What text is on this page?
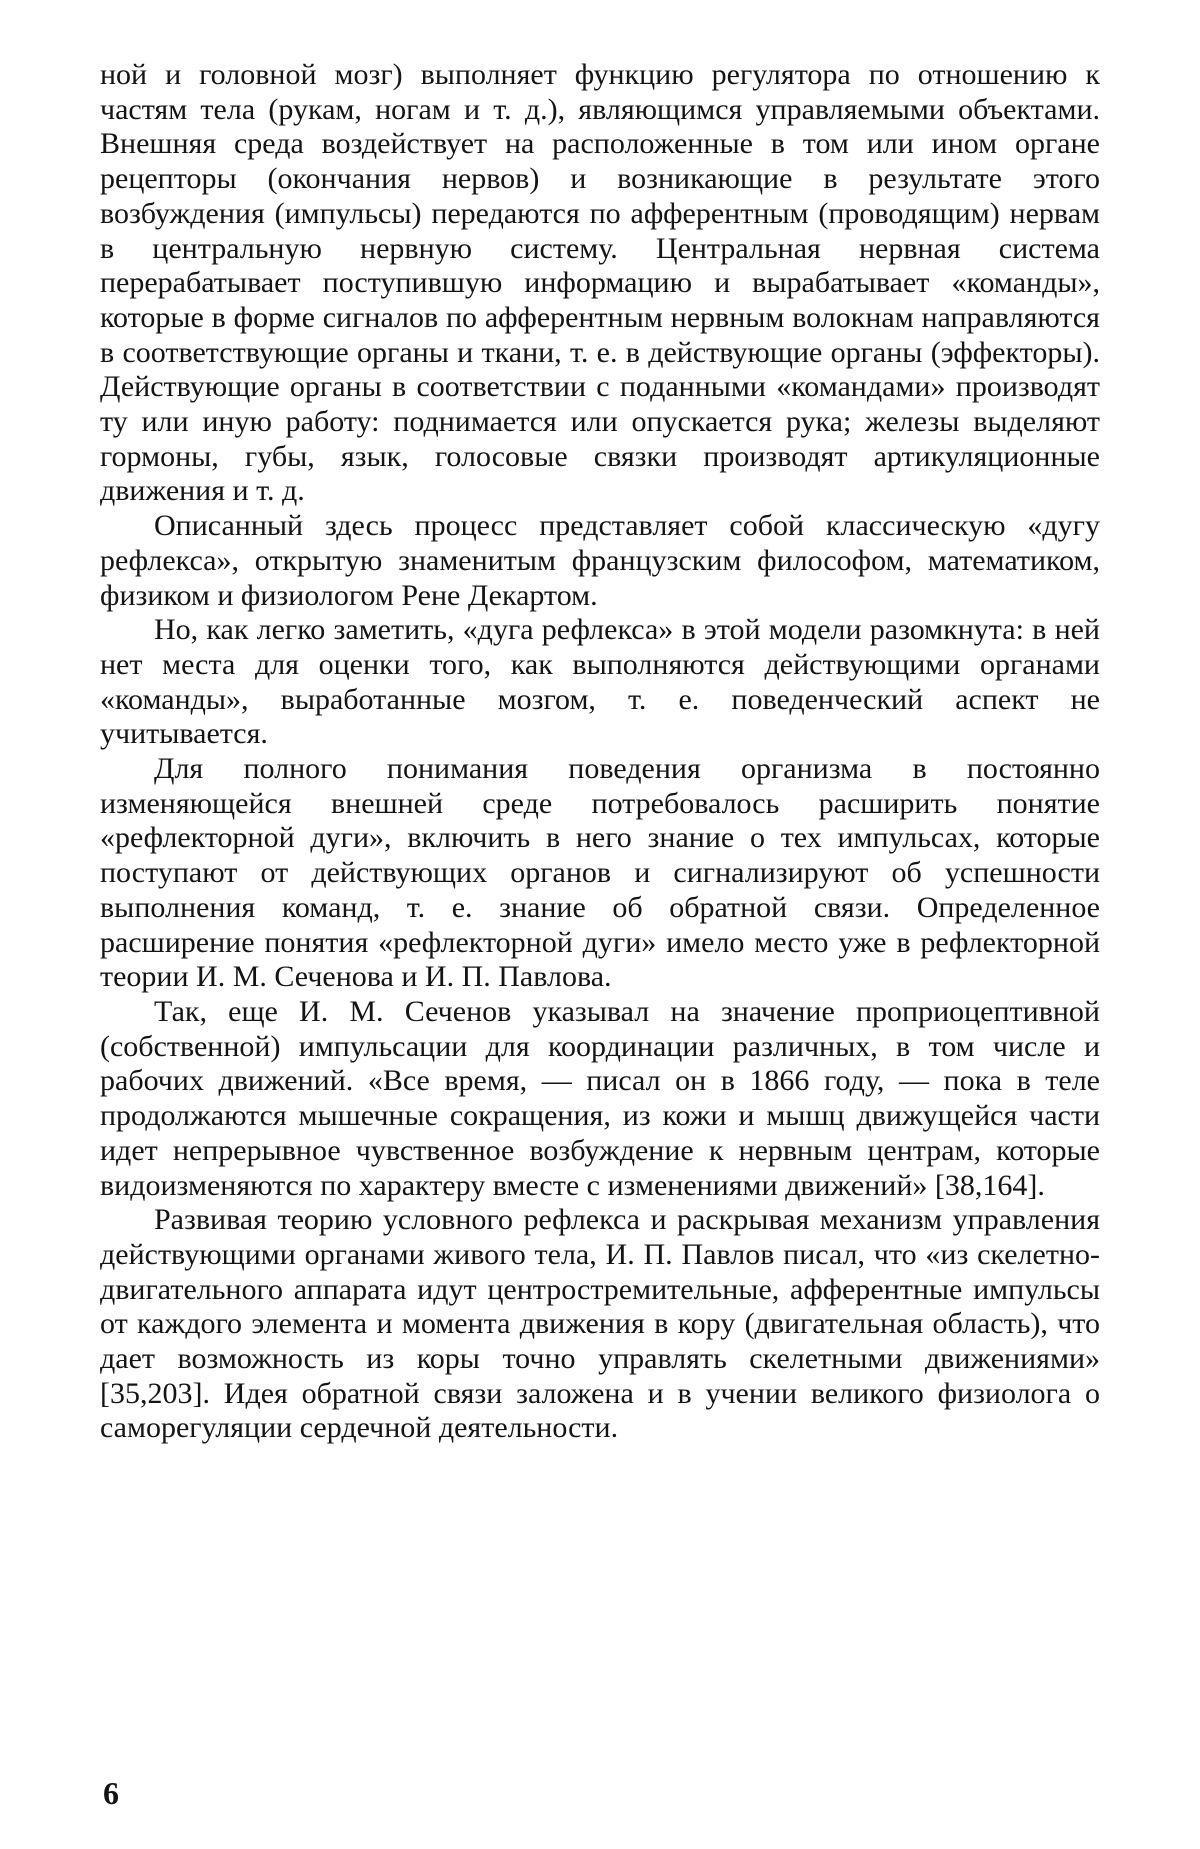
ной и головной мозг) выполняет функцию регулятора по отношению к частям тела (рукам, ногам и т. д.), являющимся управляемыми объектами. Внешняя среда воздействует на расположенные в том или ином органе рецепторы (окончания нервов) и возникающие в результате этого возбуждения (импульсы) передаются по афферентным (проводящим) нервам в центральную нервную систему. Центральная нервная система перерабатывает поступившую информацию и вырабатывает «команды», которые в форме сигналов по афферентным нервным волокнам направляются в соответствующие органы и ткани, т. е. в действующие органы (эффекторы). Действующие органы в соответствии с поданными «командами» производят ту или иную работу: поднимается или опускается рука; железы выделяют гормоны, губы, язык, голосовые связки производят артикуляционные движения и т. д.

Описанный здесь процесс представляет собой классическую «дугу рефлекса», открытую знаменитым французским философом, математиком, физиком и физиологом Рене Декартом.

Но, как легко заметить, «дуга рефлекса» в этой модели разомкнута: в ней нет места для оценки того, как выполняются действующими органами «команды», выработанные мозгом, т. е. поведенческий аспект не учитывается.

Для полного понимания поведения организма в постоянно изменяющейся внешней среде потребовалось расширить понятие «рефлекторной дуги», включить в него знание о тех импульсах, которые поступают от действующих органов и сигнализируют об успешности выполнения команд, т. е. знание об обратной связи. Определенное расширение понятия «рефлекторной дуги» имело место уже в рефлекторной теории И. М. Сеченова и И. П. Павлова.

Так, еще И. М. Сеченов указывал на значение проприоцептивной (собственной) импульсации для координации различных, в том числе и рабочих движений. «Все время, — писал он в 1866 году, — пока в теле продолжаются мышечные сокращения, из кожи и мышц движущейся части идет непрерывное чувственное возбуждение к нервным центрам, которые видоизменяются по характеру вместе с изменениями движений» [38,164].

Развивая теорию условного рефлекса и раскрывая механизм управления действующими органами живого тела, И. П. Павлов писал, что «из скелетно-двигательного аппарата идут центростремительные, афферентные импульсы от каждого элемента и момента движения в кору (двигательная область), что дает возможность из коры точно управлять скелетными движениями» [35,203]. Идея обратной связи заложена и в учении великого физиолога о саморегуляции сердечной деятельности.

6
